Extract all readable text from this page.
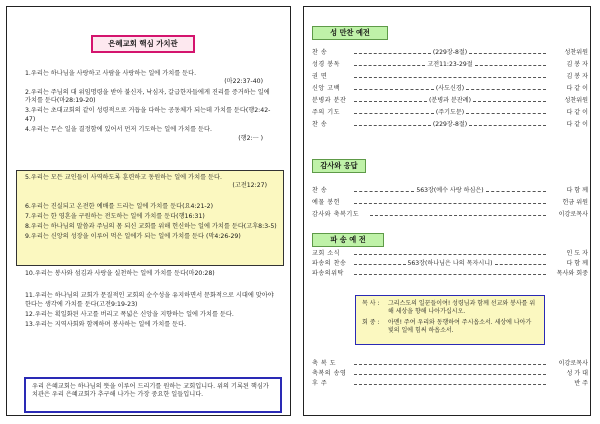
은혜교회 핵심 가치관
1.우리는 하나님을 사랑하고 사람을 사랑하는 일에 가치를 둔다.
(마22:37-40)
2.우리는 주님의 대 위임명령을 받아 불신자, 낙심자, 갈급한자들에게 진리를 증거하는 일에 가치를 둔다(마28:19-20)
3.우리는 초대교회의 같이 성령적으로 거듭을 다하는 공동체가 되는데 가치를 둔다(행2:42-47)
4.우리는 무슨 일을 결정함에 있어서 먼저 기도하는 일에 가치를 둔다.
(행2:ㅡ )
5.우리는 모든 교인들이 사역하도록 훈련하고 동원하는 일에 가치를 둔다.
(고전12:27)
6.우리는 진실되고 온전한 예배를 드리는 일에 가치를 둔다(요4:21-2)
7.우리는 한 영혼을 구원하는 전도하는 일에 가치를 둔다(행16:31)
8.우리는 하나님의 말씀과 주님의 몸 되신 교회를 위해 헌신하는 일에 가치를 둔다(고후8:3-5)
9.우리는 신앙의 성장을 이루어 먹은 일에가 되는 일에 가치를 둔다 (막4:26-29)
10.우리는 봉사와 섬김과 사랑을 실천하는 일에 가치를 둔다(마20:28)
11.우리는 하나님의 교회가 문질적인 교회의 순수성을 유지하면서 문화적으로 시대에 맞아야 한다는 생각에 가치를 둔다(고전9:19-23)
12.우리는 획일화된 사고를 버리고 폭넓은 신앙을 지향하는 일에 가치를 둔다.
13.우리는 지역사회와 함께하며 봉사하는 일에 가치를 둔다.
우리 은혜교회는 하나님의 뜻을 이루어 드리기를 원하는 교회입니다. 위의 기록된 핵심가치관은 우리 은혜교회가 추구해 나가는 가장 중요한 일들입니다.
성 만찬 예전
찬 송	(229장-8절)	성찬위원
성경 봉독	고전11:23-29절	김 봉 자
권 면	김 봉 자
신앙 고백	(사도신경)	다 같 이
분병과 분잔	(분병과 분잔례)	성찬위원
주의 기도	(주기도문)	다 같 이
찬 송	(229장-8절)	다 같 이
감사와 응답
찬 송	563장(예수 사랑 하심은)	다 함 께
예물 봉헌	헌금 위원
감사와 축복기도	이강로목사
파 송 예 전
교회 소식	인 도 자
파송의 찬송	563장(하나님은 나의 목자시니)	다 함 께
파송의위탁	목사와 회중
목 사 :	그리스도의 일꾼들이여! 성령님과 함께 선교와 봉사를 위해 세상을 향해 나아가십시오.
회 중 :	아멘! 주여 우리와 동행하여 주시옵소서. 세상에 나아가 빛의 일에 힘써 하옵소서.
축 복 도	이강로목사
축복의 송영	성 가 대
후 주	반 주
